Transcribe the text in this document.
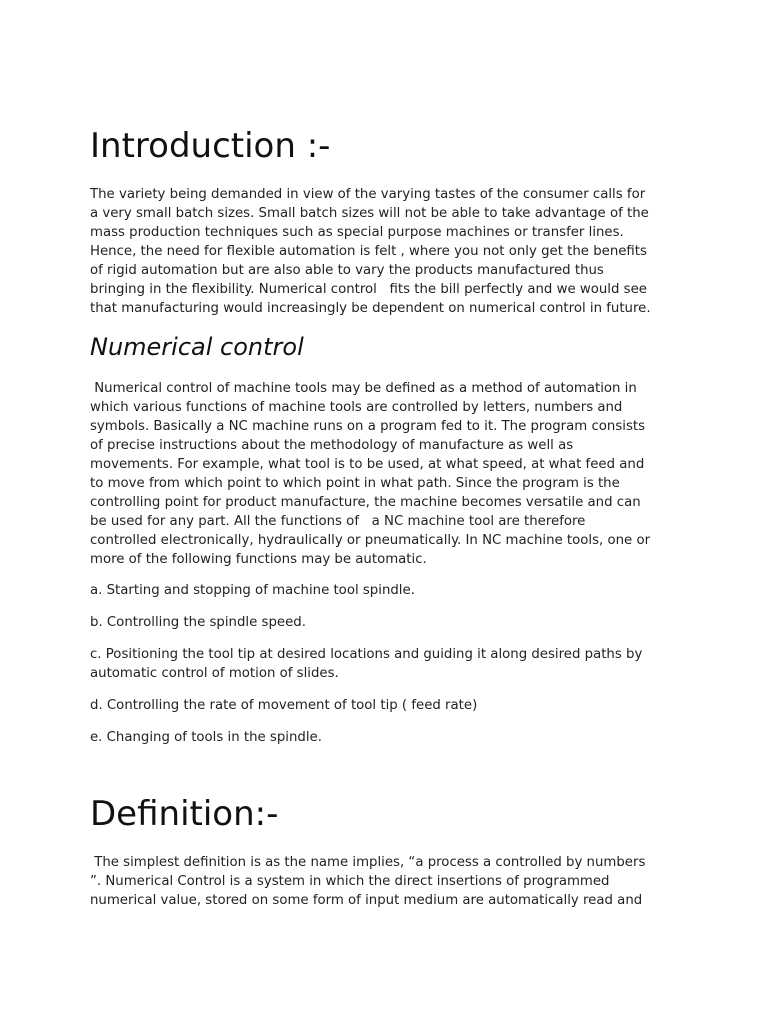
Introduction :-

The variety being demanded in view of the varying tastes of the consumer calls for
a very small batch sizes. Small batch sizes will not be able to take advantage of the
mass production techniques such as special purpose machines or transfer lines.
Hence, the need for flexible automation is felt , where you not only get the benefits
of rigid automation but are also able to vary the products manufactured thus
bringing in the flexibility. Numerical control   fits the bill perfectly and we would see
that manufacturing would increasingly be dependent on numerical control in future.

Numerical control

Numerical control of machine tools may be defined as a method of automation in
which various functions of machine tools are controlled by letters, numbers and
symbols. Basically a NC machine runs on a program fed to it. The program consists
of precise instructions about the methodology of manufacture as well as
movements. For example, what tool is to be used, at what speed, at what feed and
to move from which point to which point in what path. Since the program is the
controlling point for product manufacture, the machine becomes versatile and can
be used for any part. All the functions of   a NC machine tool are therefore
controlled electronically, hydraulically or pneumatically. In NC machine tools, one or
more of the following functions may be automatic.

a. Starting and stopping of machine tool spindle.

b. Controlling the spindle speed.

c. Positioning the tool tip at desired locations and guiding it along desired paths by
automatic control of motion of slides.

d. Controlling the rate of movement of tool tip ( feed rate)

e. Changing of tools in the spindle.

Definition:-

The simplest definition is as the name implies, “a process a controlled by numbers
”. Numerical Control is a system in which the direct insertions of programmed
numerical value, stored on some form of input medium are automatically read and
